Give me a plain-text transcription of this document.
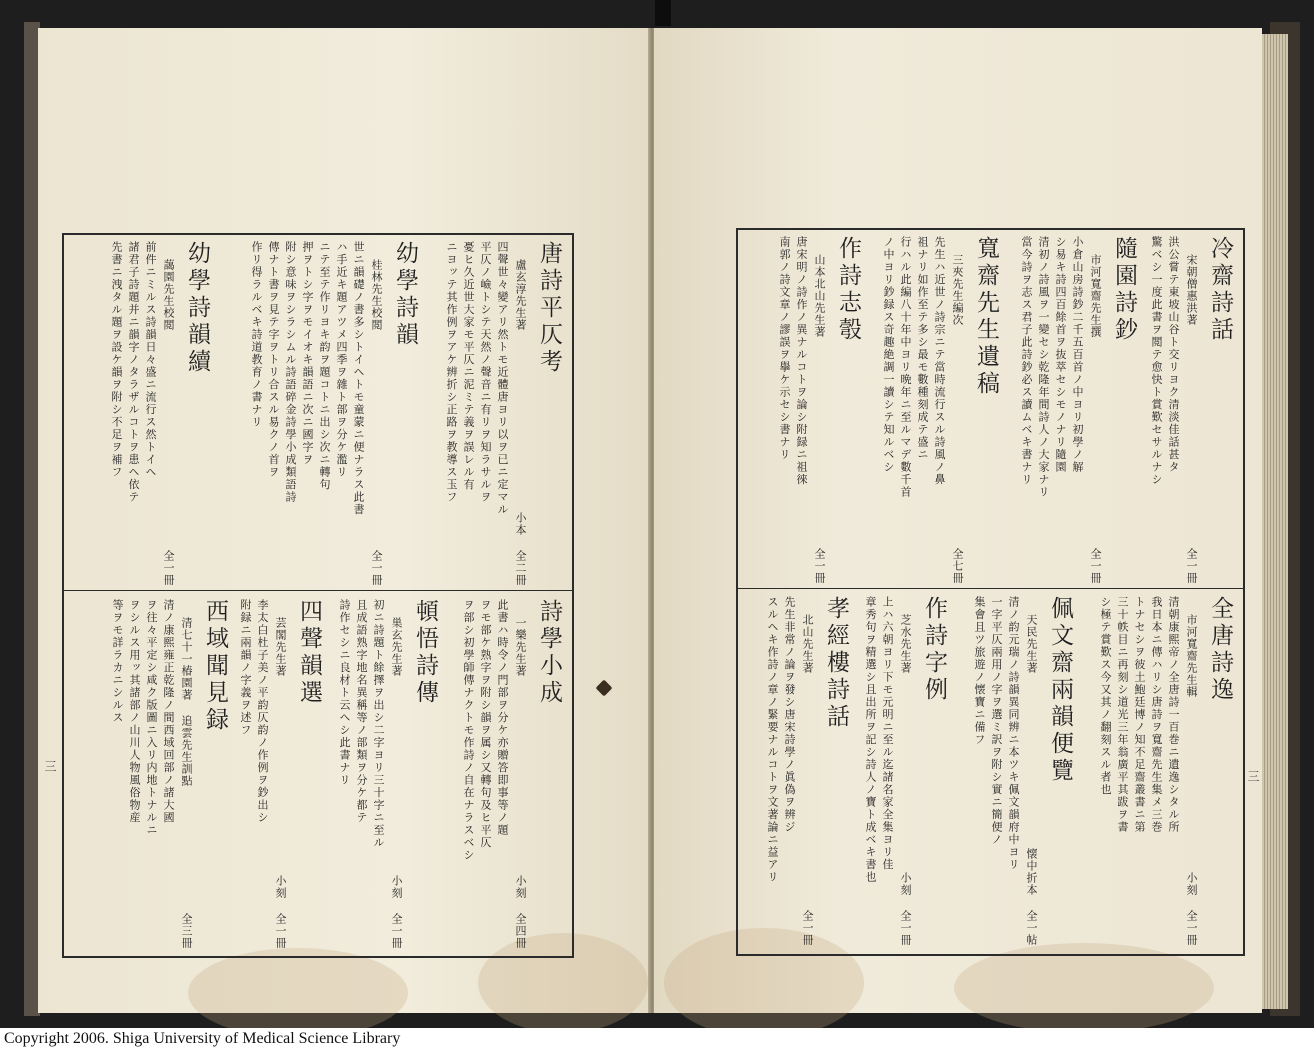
唐詩平仄考
盧玄淳先生著
小本 全二冊
四聲世々變アリ然トモ近體唐ヨリ以ヲ已ニ定マル
平仄ノ嶮トシテ天然ノ聲音ニ有リヲ知ラサルヲ
憂ヒ久近世大家モ平仄ニ泥ミテ義ヲ誤レル有
ニヨッテ其作例ヲアケ辨折シ正路ヲ教導ス玉フ
幼學詩韻
桂林先生校閲
全一冊
世ニ韻礎ノ書多シトイヘトモ童蒙ニ便ナラス此書
ハ手近キ題アツメ四季ヲ雜ト部ヲ分ケ濫リ
ニテ至テ作リヨキ韵ヲ題コトニ出シ次ニ轉句
押ヲトシ字ヲモイオキ韻語ニ次ニ國字ヲ
附シ意味ヲシラシムル詩語碎金詩學小成類語詩
傳ナト書ヲ見テ字ヲトリ合スル易クノ首ヲ
作リ得ラルベキ詩道教育ノ書ナリ
幼學詩韻續
藹園先生校閲
全一冊
前件ニミルス詩韻日々盛ニ流行ス然トイヘ
諸君子詩題并ニ韻字ノタラザルコトヲ患ヘ依テ
先書ニ洩タル題ヲ設ケ韻ヲ附シ不足ヲ補フ
詩學小成
一樂先生著
小刻 全四冊
此書ハ時令ノ門部ヲ分ケ亦贈答即事等ノ題
ヲモ部ケ熟字ヲ附シ韻ヲ属シ又轉句及ヒ平仄
ヲ部シ初學師傳ナクトモ作詩ノ自在ナラスベシ
頓悟詩傳
巣玄先生著
小刻 全一冊
初ニ詩題ト餘擇ヲ出シ二字ヨリ三十字ニ至ル
且成語熟字地名異稱等ノ部類ヲ分ケ都テ
詩作セシニ良材ト云ヘシ此書ナリ
四聲韻選
芸閣先生著
小刻 全一冊
李太白杜子美ノ平韵仄韵ノ作例ヲ鈔出シ
附録ニ兩韻ノ字義ヲ述フ
西域聞見録
清七十一椿園著 追雲先生訓點
全三冊
清ノ康熙雍正乾隆ノ間西域回部ノ諸大國
ヲ往々平定シ咸ク版圖ニ入リ内地トナルニ
ヲシルス用ッ其諸部ノ山川人物風俗物産
等ヲモ詳ラカニシルス
三
冷齋詩話
宋朝僧惠洪著
全一冊
洪公嘗テ東坡山谷ト交リヨク清淡佳話甚タ
驚ベシ一度此書ヲ閲テ愈快ト賞歎セサルナシ
隨園詩鈔
市河寬齋先生撰
全一冊
小倉山房詩鈔二千五百首ノ中ヨリ初學ノ解
シ易キ詩四百餘首ヲ抜萃セシモノナリ隨園
清初ノ詩風ヲ一變セシ乾隆年間詩人ノ大家ナリ
當今詩ヲ志ス君子此詩鈔必ス讀ムベキ書ナリ
寬齋先生遺稿
三夾先生編次
全七冊
先生ハ近世ノ詩宗ニテ當時流行スル詩風ノ鼻
祖ナリ如作至テ多シ最モ數種刻成テ盛ニ
行ハル此編八十年中ヨリ晩年ニ至ルマデ數千首
ノ中ヨリ鈔録ス奇趣絶調一讀シテ知ルベシ
作詩志彀
山本北山先生著
全一冊
唐宋明ノ詩作ノ異ナルコトヲ論シ附録ニ祖徠
南郭ノ詩文章ノ謬誤ヲ擧ケ示セシ書ナリ
全唐詩逸
市河寬齋先生輯
小刻 全一冊
清朝康熙帝ノ全唐詩一百巻ニ遺逸シタル所
我日本ニ傳ハリシ唐詩ヲ寬齋先生集メ三巻
トナセシヲ彼土鮑廷博ノ知不足齋叢書ニ第
三十帙目ニ再刻シ道光三年翁廣平其跋ヲ書
シ極テ賞歎ス今又其ノ翻刻スル者也
佩文齋兩韻便覽
天民先生著
懐中折本 全一帖
清ノ韵元瑞ノ詩韻異同辨ニ本ツキ佩文韻府中ヨリ
一字平仄兩用ノ字ヲ選ミ訳ヲ附シ實ニ簡便ノ
集會且ツ旅遊ノ懐寶ニ備フ
作詩字例
芝水先生著
小刻 全一冊
上ハ六朝ヨリ下モ元明ニ至ル迄諸名家全集ヨリ佳
章秀句ヲ精選シ且出所ヲ記シ詩人ノ寶ト成ベキ書也
孝經樓詩話
北山先生著
全一冊
先生非常ノ論ヲ發シ唐宋詩學ノ眞偽ヲ辨ジ
スルヘキ作詩ノ章ノ緊要ナルコトヲ文著論ニ益アリ	三
Copyright 2006. Shiga University of Medical Science Library
